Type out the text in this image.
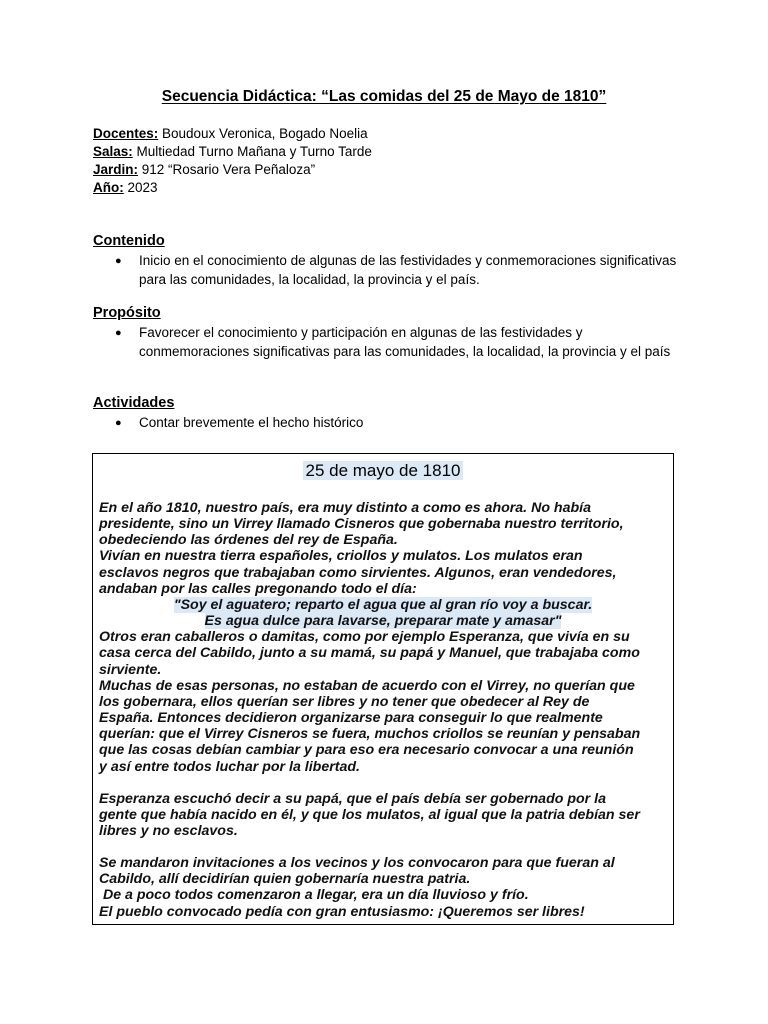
Secuencia Didáctica: “Las comidas del 25 de Mayo de 1810”
Docentes: Boudoux Veronica, Bogado Noelia
Salas: Multiedad Turno Mañana y Turno Tarde
Jardin: 912 “Rosario Vera Peñaloza”
Año: 2023
Contenido
● Inicio en el conocimiento de algunas de las festividades y conmemoraciones significativas para las comunidades, la localidad, la provincia y el país.
Propósito
● Favorecer el conocimiento y participación en algunas de las festividades y conmemoraciones significativas para las comunidades, la localidad, la provincia y el país
Actividades
● Contar brevemente el hecho histórico
25 de mayo de 1810

En el año 1810, nuestro país, era muy distinto a como es ahora. No había

presidente, sino un Virrey llamado Cisneros que gobernaba nuestro territorio,

obedeciendo las órdenes del rey de España.

Vivían en nuestra tierra españoles, criollos y mulatos. Los mulatos eran

esclavos negros que trabajaban como sirvientes. Algunos, eran vendedores,

andaban por las calles pregonando todo el día:

"Soy el aguatero; reparto el agua que al gran río voy a buscar.

Es agua dulce para lavarse, preparar mate y amasar"

Otros eran caballeros o damitas, como por ejemplo Esperanza, que vivía en su

casa cerca del Cabildo, junto a su mamá, su papá y Manuel, que trabajaba como

sirviente.

Muchas de esas personas, no estaban de acuerdo con el Virrey, no querían que

los gobernara, ellos querían ser libres y no tener que obedecer al Rey de

España. Entonces decidieron organizarse para conseguir lo que realmente

querían: que el Virrey Cisneros se fuera, muchos criollos se reunían y pensaban

que las cosas debían cambiar y para eso era necesario convocar a una reunión

y así entre todos luchar por la libertad.

Esperanza escuchó decir a su papá, que el país debía ser gobernado por la

gente que había nacido en él, y que los mulatos, al igual que la patria debían ser

libres y no esclavos.

Se mandaron invitaciones a los vecinos y los convocaron para que fueran al

Cabildo, allí decidirían quien gobernaría nuestra patria.

De a poco todos comenzaron a llegar, era un día lluvioso y frío.

El pueblo convocado pedía con gran entusiasmo: ¡Queremos ser libres!
